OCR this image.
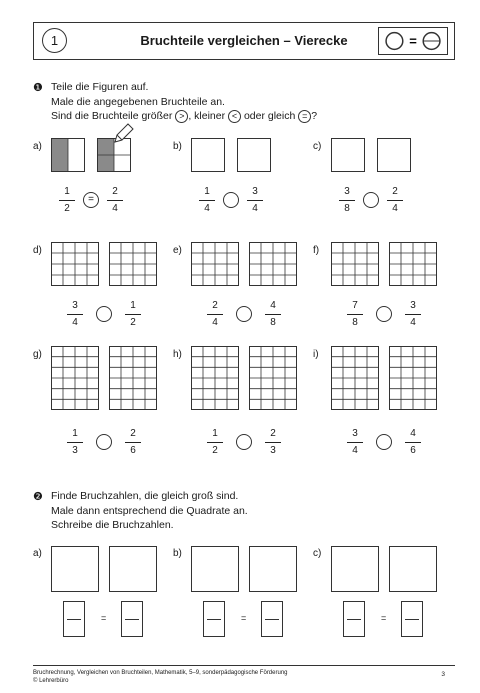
1	Bruchteile vergleichen – Vierecke	=
❶ Teile die Figuren auf.
Male die angegebenen Bruchteile an.
Sind die Bruchteile größer > , kleiner < oder gleich = ?
a)
1
2
2
4
=
b)
1
4
3
4
c)
3
8
2
4
d)
3
4
1
2
e)
2
4
4
8
f)
7
8
3
4
g)
1
3
2
6
h)
1
2
2
3
i)
3
4
4
6
❷ Finde Bruchzahlen, die gleich groß sind.
Male dann entsprechend die Quadrate an.
Schreibe die Bruchzahlen.
a)
=
b)
=
c)
=
Bruchrechnung, Vergleichen von Bruchteilen, Mathematik, 5–9, sonderpädagogische Förderung
© Lehrerbüro
3
